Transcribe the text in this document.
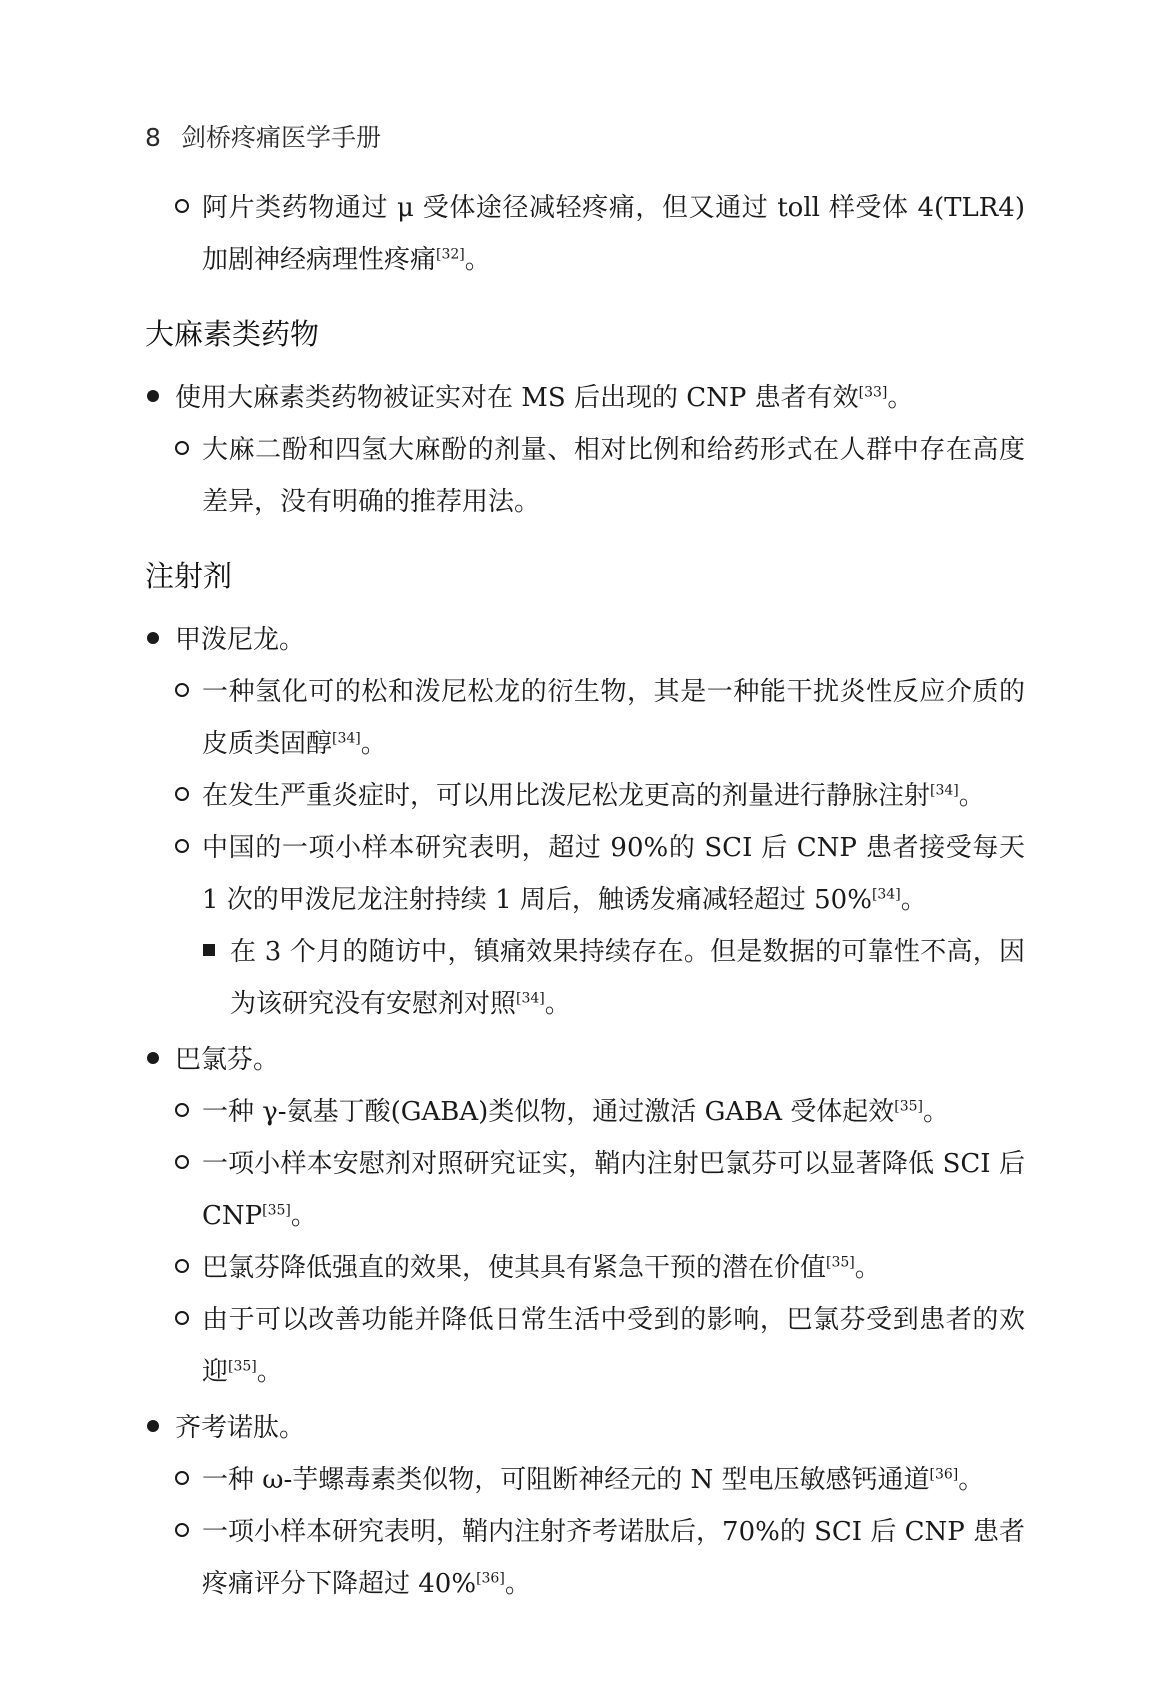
8 剑桥疼痛医学手册
阿片类药物通过 μ 受体途径减轻疼痛，但又通过 toll 样受体 4(TLR4)加剧神经病理性疼痛[32]。
大麻素类药物
使用大麻素类药物被证实对在 MS 后出现的 CNP 患者有效[33]。
大麻二酚和四氢大麻酚的剂量、相对比例和给药形式在人群中存在高度差异，没有明确的推荐用法。
注射剂
甲泼尼龙。
一种氢化可的松和泼尼松龙的衍生物，其是一种能干扰炎性反应介质的皮质类固醇[34]。
在发生严重炎症时，可以用比泼尼松龙更高的剂量进行静脉注射[34]。
中国的一项小样本研究表明，超过 90%的 SCI 后 CNP 患者接受每天 1 次的甲泼尼龙注射持续 1 周后，触诱发痛减轻超过 50%[34]。
在 3 个月的随访中，镇痛效果持续存在。但是数据的可靠性不高，因为该研究没有安慰剂对照[34]。
巴氯芬。
一种 γ-氨基丁酸(GABA)类似物，通过激活 GABA 受体起效[35]。
一项小样本安慰剂对照研究证实，鞘内注射巴氯芬可以显著降低 SCI 后 CNP[35]。
巴氯芬降低强直的效果，使其具有紧急干预的潜在价值[35]。
由于可以改善功能并降低日常生活中受到的影响，巴氯芬受到患者的欢迎[35]。
齐考诺肽。
一种 ω-芋螺毒素类似物，可阻断神经元的 N 型电压敏感钙通道[36]。
一项小样本研究表明，鞘内注射齐考诺肽后，70%的 SCI 后 CNP 患者疼痛评分下降超过 40%[36]。
